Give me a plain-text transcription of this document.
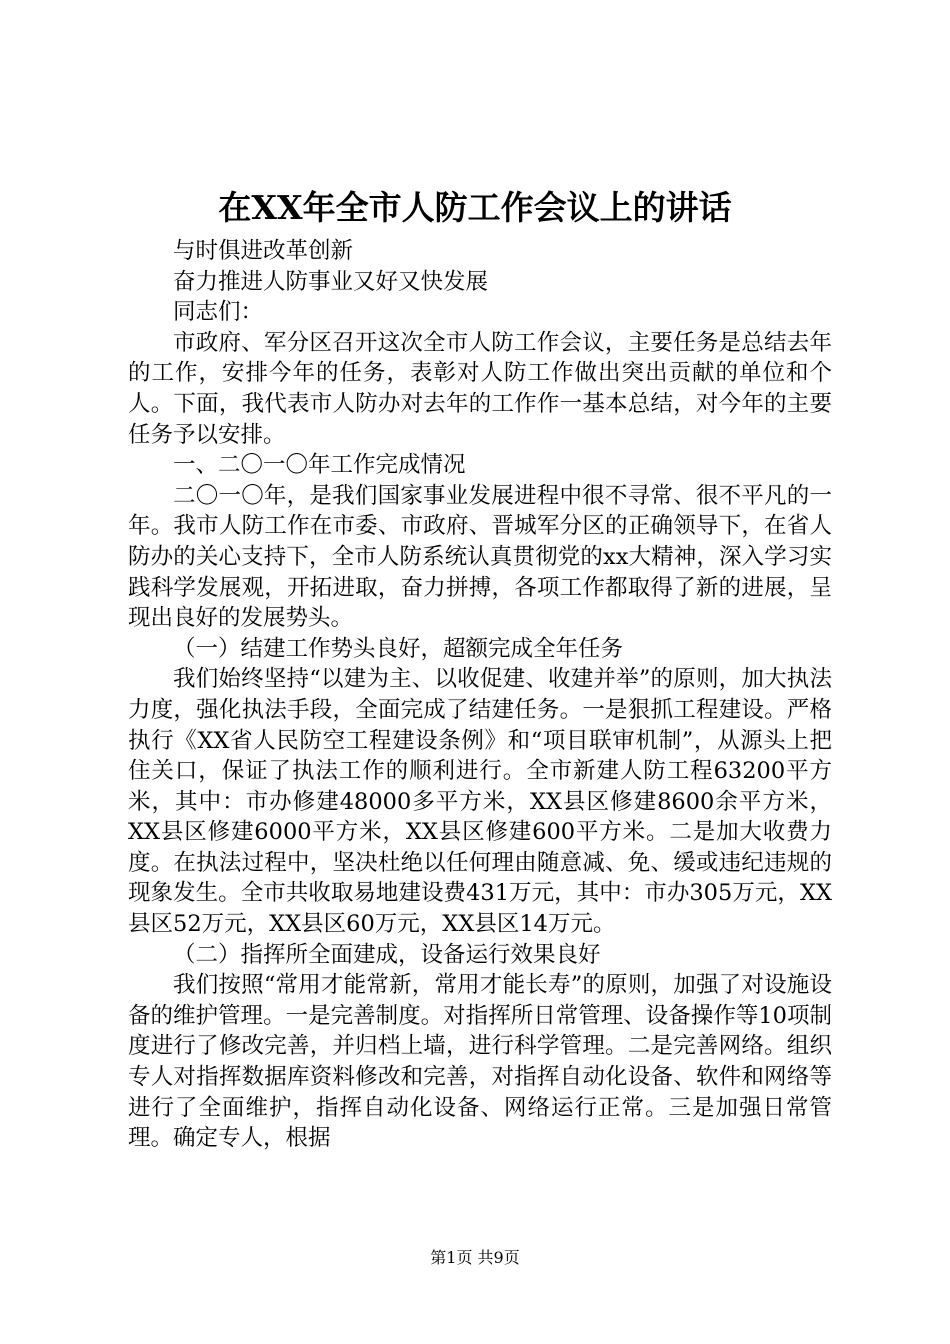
在XX年全市人防工作会议上的讲话

与时俱进改革创新

奋力推进人防事业又好又快发展

同志们：

市政府、军分区召开这次全市人防工作会议，主要任务是总结去年的工作，安排今年的任务，表彰对人防工作做出突出贡献的单位和个人。下面，我代表市人防办对去年的工作作一基本总结，对今年的主要任务予以安排。

一、二〇一〇年工作完成情况

二〇一〇年，是我们国家事业发展进程中很不寻常、很不平凡的一年。我市人防工作在市委、市政府、晋城军分区的正确领导下，在省人防办的关心支持下，全市人防系统认真贯彻党的xx大精神，深入学习实践科学发展观，开拓进取，奋力拼搏，各项工作都取得了新的进展，呈现出良好的发展势头。

（一）结建工作势头良好，超额完成全年任务

我们始终坚持“以建为主、以收促建、收建并举”的原则，加大执法力度，强化执法手段，全面完成了结建任务。一是狠抓工程建设。严格执行《XX省人民防空工程建设条例》和“项目联审机制”，从源头上把住关口，保证了执法工作的顺利进行。全市新建人防工程63200平方米，其中：市办修建48000多平方米，XX县区修建8600余平方米，XX县区修建6000平方米，XX县区修建600平方米。二是加大收费力度。在执法过程中，坚决杜绝以任何理由随意减、免、缓或违纪违规的现象发生。全市共收取易地建设费431万元，其中：市办305万元，XX县区52万元，XX县区60万元，XX县区14万元。

（二）指挥所全面建成，设备运行效果良好

我们按照“常用才能常新，常用才能长寿”的原则，加强了对设施设备的维护管理。一是完善制度。对指挥所日常管理、设备操作等10项制度进行了修改完善，并归档上墙，进行科学管理。二是完善网络。组织专人对指挥数据库资料修改和完善，对指挥自动化设备、软件和网络等进行了全面维护，指挥自动化设备、网络运行正常。三是加强日常管理。确定专人，根据

第1页 共9页
